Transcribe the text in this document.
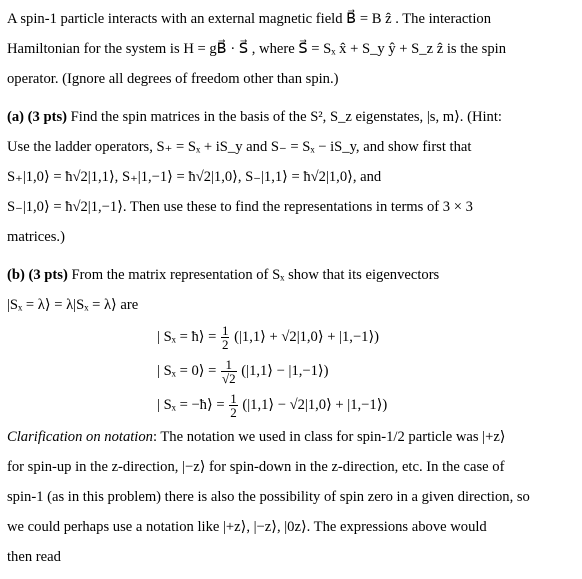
A spin-1 particle interacts with an external magnetic field B⃗ = B ẑ . The interaction
Hamiltonian for the system is H = gB⃗ · S⃗ , where S⃗ = Sₓ x̂ + S_y ŷ + S_z ẑ is the spin
operator. (Ignore all degrees of freedom other than spin.)
(a) (3 pts) Find the spin matrices in the basis of the S², S_z eigenstates, |s, m⟩. (Hint:
Use the ladder operators, S₊ = Sₓ + iS_y and S₋ = Sₓ − iS_y, and show first that
S₊|1,0⟩ = ħ√2|1,1⟩, S₊|1,−1⟩ = ħ√2|1,0⟩, S₋|1,1⟩ = ħ√2|1,0⟩, and
S₋|1,0⟩ = ħ√2|1,−1⟩. Then use these to find the representations in terms of 3 × 3
matrices.)
(b) (3 pts) From the matrix representation of Sₓ show that its eigenvectors
|Sₓ = λ⟩ = λ|Sₓ = λ⟩ are
| Sₓ = ħ⟩ = $\frac{1}{2}$ (|1,1⟩ + √2|1,0⟩ + |1,−1⟩)
| Sₓ = 0⟩ = $\frac{1}{√2}$ (|1,1⟩ − |1,−1⟩)
| Sₓ = −ħ⟩ = $\frac{1}{2}$ (|1,1⟩ − √2|1,0⟩ + |1,−1⟩)
Clarification on notation: The notation we used in class for spin-1/2 particle was |+z⟩
for spin-up in the z-direction, |−z⟩ for spin-down in the z-direction, etc. In the case of
spin-1 (as in this problem) there is also the possibility of spin zero in a given direction, so
we could perhaps use a notation like |+z⟩, |−z⟩, |0z⟩. The expressions above would
then read
